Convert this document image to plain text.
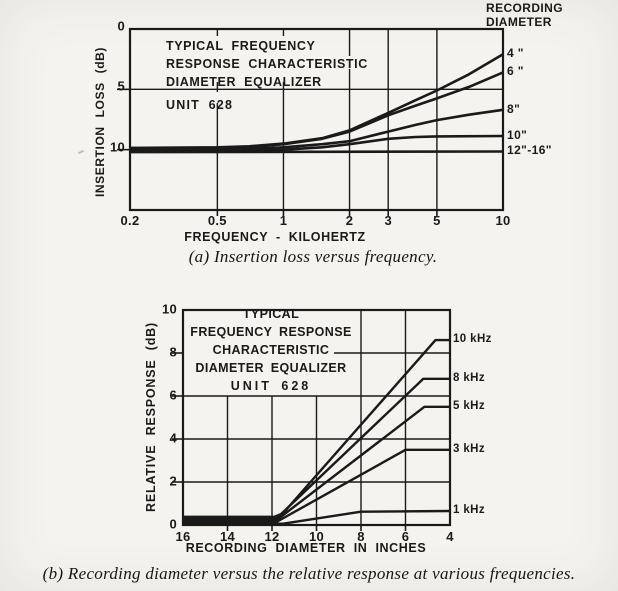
RECORDING
DIAMETER
TYPICAL FREQUENCY
RESPONSE CHARACTERISTIC
DIAMETER EQUALIZER
UNIT 628
INSERTION LOSS (dB)
FREQUENCY - KILOHERTZ
(a) Insertion loss versus frequency.
TYPICAL
FREQUENCY RESPONSE
CHARACTERISTIC
DIAMETER EQUALIZER
UNIT 628
RELATIVE RESPONSE (dB)
RECORDING DIAMETER IN INCHES
(b) Recording diameter versus the relative response at various frequencies.
0.2	0.5	1	2 3	5	10
0
5
10
4 "
6 "
8"
10"
12"-16"
16 14 12 10	8	6	4
0
2
4
6
8
10
10 kHz
8 kHz
5 kHz
3 kHz
1 kHz
